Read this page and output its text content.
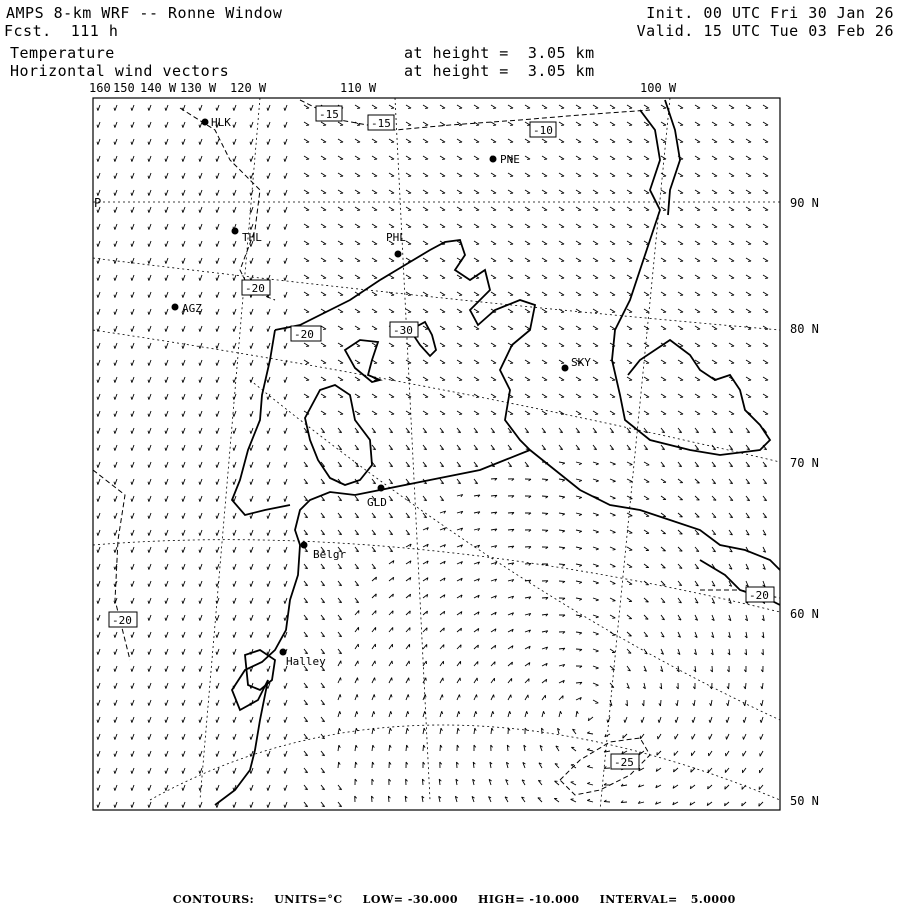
AMPS 8-km WRF -- Ronne Window
Fcst.  111 h
Temperature
Horizontal wind vectors
at height =  3.05 km
at height =  3.05 km
Init. 00 UTC Fri 30 Jan 26
Valid. 15 UTC Tue 03 Feb 26
160 150 140 W 130 W 120 W	110 W	100 W
90 N
80 N
70 N
60 N
50 N
P
HLK
PNE
THL	PHL
AGZ
SKY
GLD
Belgr
Halley
-15
-15
-10
-20
-20	-30
-20
-20
-25

CONTOURS: UNITS=°C LOW= -30.000 HIGH= -10.000 INTERVAL=   5.0000
